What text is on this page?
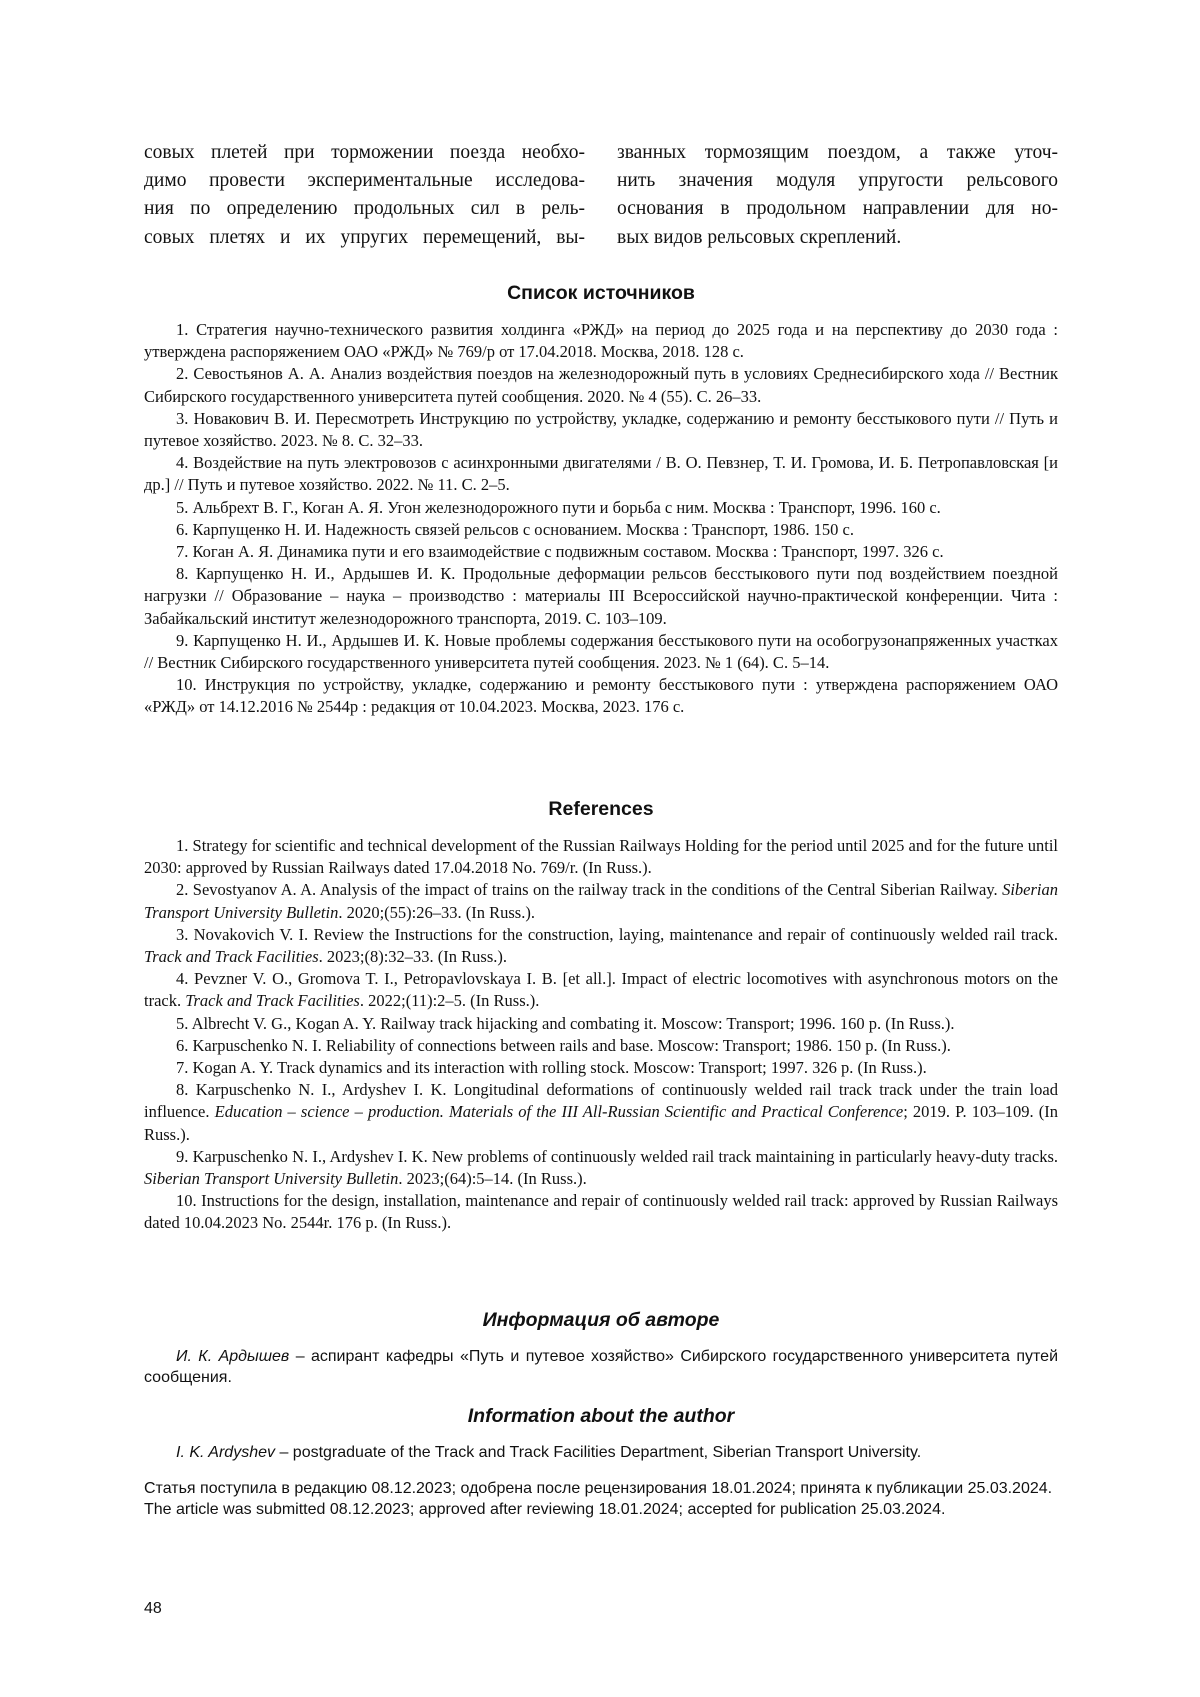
совых плетей при торможении поезда необхо-
димо провести экспериментальные исследова-
ния по определению продольных сил в рель-
совых плетях и их упругих перемещений, вы-
званных тормозящим поездом, а также уточ-
нить значения модуля упругости рельсового
основания в продольном направлении для но-
вых видов рельсовых скреплений.
Список источников

1. Стратегия научно-технического развития холдинга «РЖД» на период до 2025 года и на перспективу до 2030 года : утверждена распоряжением ОАО «РЖД» № 769/р от 17.04.2018. Москва, 2018. 128 с.

2. Севостьянов А. А. Анализ воздействия поездов на железнодорожный путь в условиях Среднесибирского хода // Вестник Сибирского государственного университета путей сообщения. 2020. № 4 (55). С. 26–33.

3. Новакович В. И. Пересмотреть Инструкцию по устройству, укладке, содержанию и ремонту бесстыкового пути // Путь и путевое хозяйство. 2023. № 8. С. 32–33.

4. Воздействие на путь электровозов с асинхронными двигателями / В. О. Певзнер, Т. И. Громова, И. Б. Петропавловская [и др.] // Путь и путевое хозяйство. 2022. № 11. С. 2–5.

5. Альбрехт В. Г., Коган А. Я. Угон железнодорожного пути и борьба с ним. Москва : Транспорт, 1996. 160 с.

6. Карпущенко Н. И. Надежность связей рельсов с основанием. Москва : Транспорт, 1986. 150 с.

7. Коган А. Я. Динамика пути и его взаимодействие с подвижным составом. Москва : Транспорт, 1997. 326 с.

8. Карпущенко Н. И., Ардышев И. К. Продольные деформации рельсов бесстыкового пути под воздействием поездной нагрузки // Образование – наука – производство : материалы III Всероссийской научно-практической конференции. Чита : Забайкальский институт железнодорожного транспорта, 2019. С. 103–109.

9. Карпущенко Н. И., Ардышев И. К. Новые проблемы содержания бесстыкового пути на особогрузонапряженных участках // Вестник Сибирского государственного университета путей сообщения. 2023. № 1 (64). С. 5–14.

10. Инструкция по устройству, укладке, содержанию и ремонту бесстыкового пути : утверждена распоряжением ОАО «РЖД» от 14.12.2016 № 2544р : редакция от 10.04.2023. Москва, 2023. 176 с.

References

1. Strategy for scientific and technical development of the Russian Railways Holding for the period until 2025 and for the future until 2030: approved by Russian Railways dated 17.04.2018 No. 769/r. (In Russ.).

2. Sevostyanov A. A. Analysis of the impact of trains on the railway track in the conditions of the Central Siberian Railway. Siberian Transport University Bulletin. 2020;(55):26–33. (In Russ.).

3. Novakovich V. I. Review the Instructions for the construction, laying, maintenance and repair of continuously welded rail track. Track and Track Facilities. 2023;(8):32–33. (In Russ.).

4. Pevzner V. O., Gromova T. I., Petropavlovskaya I. B. [et all.]. Impact of electric locomotives with asynchronous motors on the track. Track and Track Facilities. 2022;(11):2–5. (In Russ.).

5. Albrecht V. G., Kogan A. Y. Railway track hijacking and combating it. Moscow: Transport; 1996. 160 p. (In Russ.).

6. Karpuschenko N. I. Reliability of connections between rails and base. Moscow: Transport; 1986. 150 p. (In Russ.).

7. Kogan A. Y. Track dynamics and its interaction with rolling stock. Moscow: Transport; 1997. 326 p. (In Russ.).

8. Karpuschenko N. I., Ardyshev I. K. Longitudinal deformations of continuously welded rail track track under the train load influence. Education – science – production. Materials of the III All-Russian Scientific and Practical Conference; 2019. P. 103–109. (In Russ.).

9. Karpuschenko N. I., Ardyshev I. K. New problems of continuously welded rail track maintaining in particularly heavy-duty tracks. Siberian Transport University Bulletin. 2023;(64):5–14. (In Russ.).

10. Instructions for the design, installation, maintenance and repair of continuously welded rail track: approved by Russian Railways dated 10.04.2023 No. 2544r. 176 p. (In Russ.).

Информация об авторе

И. К. Ардышев – аспирант кафедры «Путь и путевое хозяйство» Сибирского государственного университета путей сообщения.

Information about the author

I. K. Ardyshev – postgraduate of the Track and Track Facilities Department, Siberian Transport University.

Статья поступила в редакцию 08.12.2023; одобрена после рецензирования 18.01.2024; принята к публикации 25.03.2024.

The article was submitted 08.12.2023; approved after reviewing 18.01.2024; accepted for publication 25.03.2024.

48
